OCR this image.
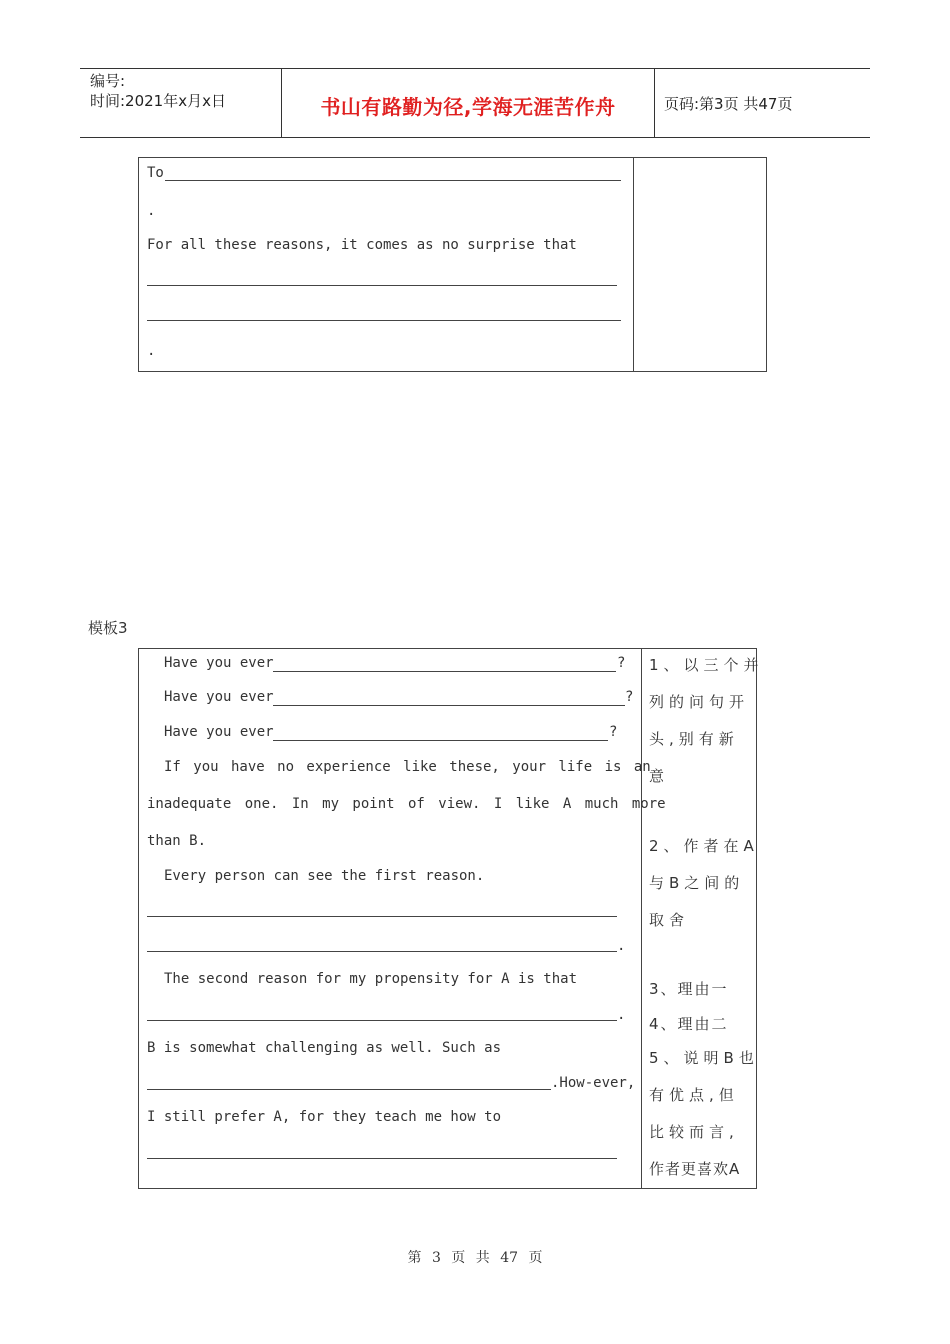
编号:
时间:2021年x月x日	书山有路勤为径,学海无涯苦作舟	页码:第3页 共47页
To
.
For all these reasons, it comes as no surprise that
.
模板3
Have you ever	?
Have you ever	?
Have you ever	?
If you have no experience like these, your life is an
inadequate one. In my point of view. I like A much more
than B.
Every person can see the first reason.
.
The second reason for my propensity for A is that
.
B is somewhat challenging as well. Such as
.How-ever,
I still prefer A, for they teach me how to
1、以三个并
列的问句开
头,别有新
意
2、作者在A
与B之间的
取舍
3、理由一
4、理由二
5、说明B也
有优点,但
比较而言,
作者更喜欢A
第 3 页 共 47 页
